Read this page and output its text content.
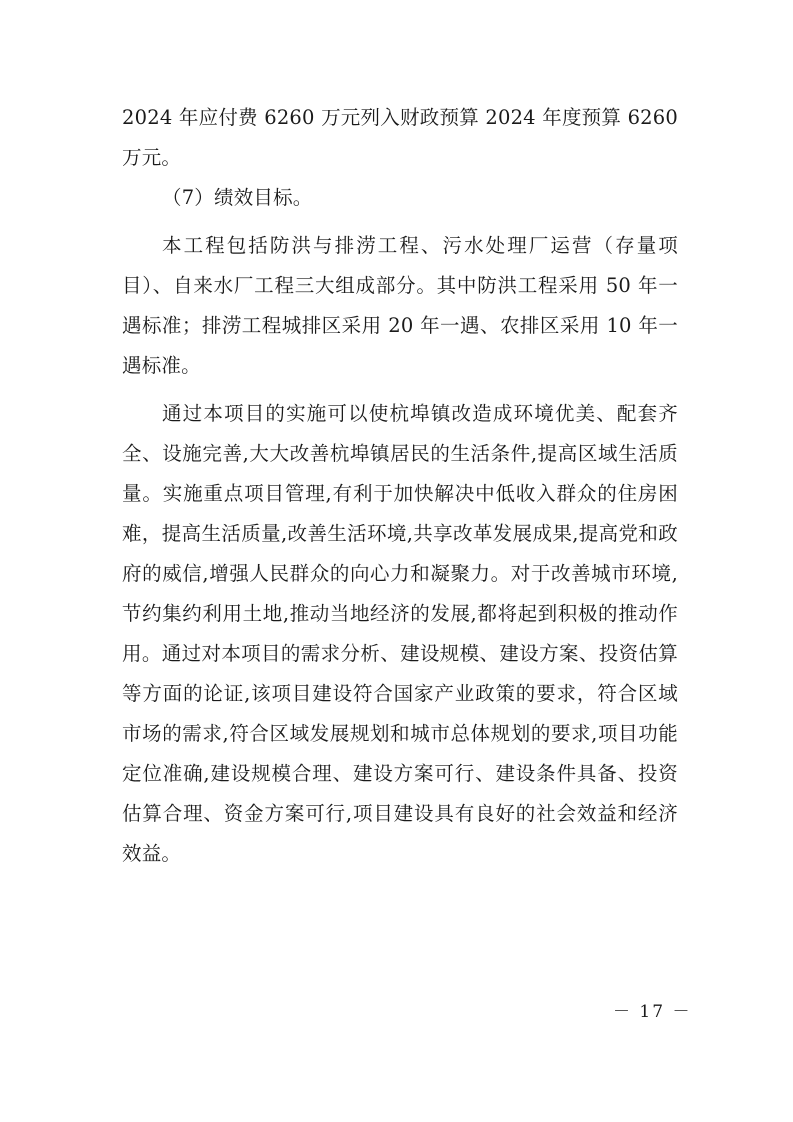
2024 年应付费 6260 万元列入财政预算 2024 年度预算 6260 万元。

（7）绩效目标。

本工程包括防洪与排涝工程、污水处理厂运营（存量项目）、自来水厂工程三大组成部分。其中防洪工程采用 50 年一遇标准；排涝工程城排区采用 20 年一遇、农排区采用 10 年一遇标准。

通过本项目的实施可以使杭埠镇改造成环境优美、配套齐全、设施完善,大大改善杭埠镇居民的生活条件,提高区域生活质量。实施重点项目管理,有利于加快解决中低收入群众的住房困难，提高生活质量,改善生活环境,共享改革发展成果,提高党和政府的威信,增强人民群众的向心力和凝聚力。对于改善城市环境,节约集约利用土地,推动当地经济的发展,都将起到积极的推动作用。通过对本项目的需求分析、建设规模、建设方案、投资估算等方面的论证,该项目建设符合国家产业政策的要求，符合区域市场的需求,符合区域发展规划和城市总体规划的要求,项目功能定位准确,建设规模合理、建设方案可行、建设条件具备、投资估算合理、资金方案可行,项目建设具有良好的社会效益和经济效益。

－ 17 －
